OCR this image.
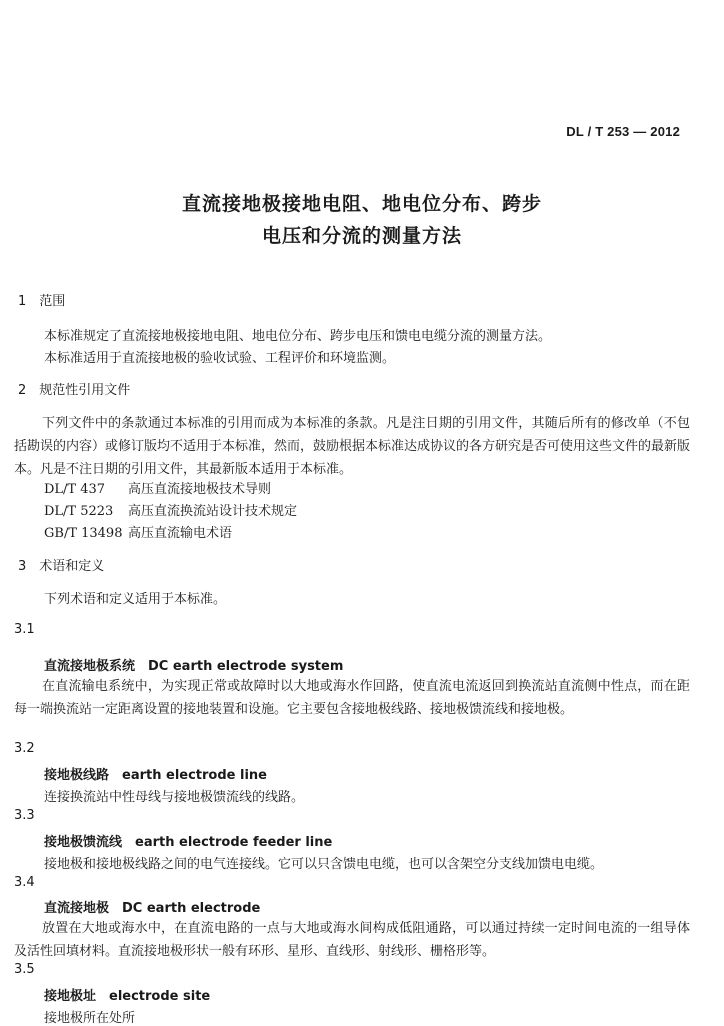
DL / T 253 — 2012
直流接地极接地电阻、地电位分布、跨步
电压和分流的测量方法
1　范围
本标准规定了直流接地极接地电阻、地电位分布、跨步电压和馈电电缆分流的测量方法。
本标准适用于直流接地极的验收试验、工程评价和环境监测。
2　规范性引用文件
下列文件中的条款通过本标准的引用而成为本标准的条款。凡是注日期的引用文件，其随后所有的修改单（不包括勘误的内容）或修订版均不适用于本标准，然而，鼓励根据本标准达成协议的各方研究是否可使用这些文件的最新版本。凡是不注日期的引用文件，其最新版本适用于本标准。
DL/T 437 高压直流接地极技术导则
DL/T 5223 高压直流换流站设计技术规定
GB/T 13498 高压直流输电术语
3　术语和定义
下列术语和定义适用于本标准。
3.1
直流接地极系统　DC earth electrode system
在直流输电系统中，为实现正常或故障时以大地或海水作回路，使直流电流返回到换流站直流侧中性点，而在距每一端换流站一定距离设置的接地装置和设施。它主要包含接地极线路、接地极馈流线和接地极。
3.2
接地极线路　earth electrode line
连接换流站中性母线与接地极馈流线的线路。
3.3
接地极馈流线　earth electrode feeder line
接地极和接地极线路之间的电气连接线。它可以只含馈电电缆，也可以含架空分支线加馈电电缆。
3.4
直流接地极　DC earth electrode
放置在大地或海水中，在直流电路的一点与大地或海水间构成低阻通路，可以通过持续一定时间电流的一组导体及活性回填材料。直流接地极形状一般有环形、星形、直线形、射线形、栅格形等。
3.5
接地极址　electrode site
接地极所在处所
